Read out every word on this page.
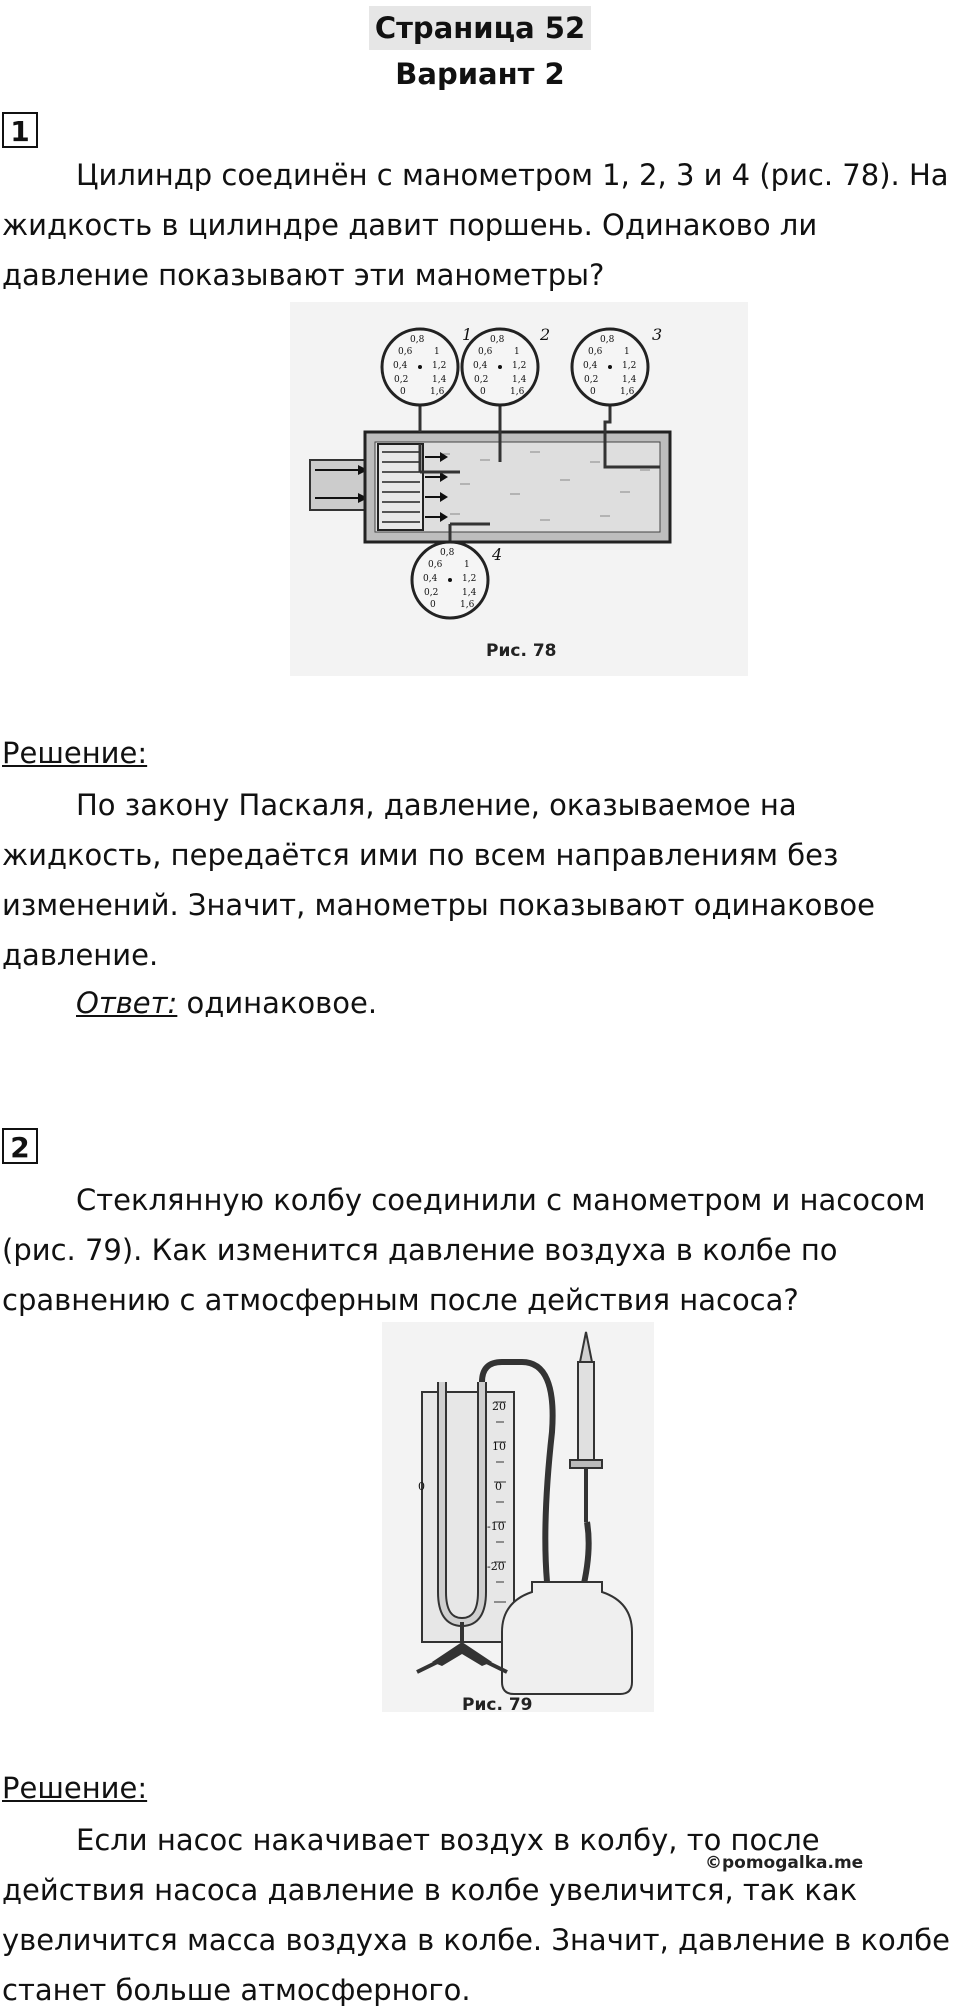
Страница 52
Вариант 2
1

Цилиндр соединён с манометром 1, 2, 3 и 4 (рис. 78). На жидкость в цилиндре давит поршень. Одинаково ли давление показывают эти манометры?

0,8
0,6
0,4
0,2
0
1
1,2
1,4
1,6
0,8
0,6
0,4
0,2
0
1
1,2
1,4
1,6
0,8
0,6
0,4
0,2
0
1
1,2
1,4
1,6
0,8
0,6
0,4
0,2
0
1
1,2
1,4
1,6
1	2	3
4
Рис. 78
Решение:

По закону Паскаля, давление, оказываемое на жидкость, передаётся ими по всем направлениям без изменений. Значит, манометры показывают одинаковое давление.

Ответ: одинаковое.
2

Стеклянную колбу соединили с манометром и насосом (рис. 79). Как изменится давление воздуха в колбе по сравнению с атмосферным после действия насоса?

20
10
0
-10
-20
0
Рис. 79
Решение:

Если насос накачивает воздух в колбу, то после действия насоса давление в колбе увеличится, так как увеличится масса воздуха в колбе. Значит, давление в колбе станет больше атмосферного.

©pomogalka.me
